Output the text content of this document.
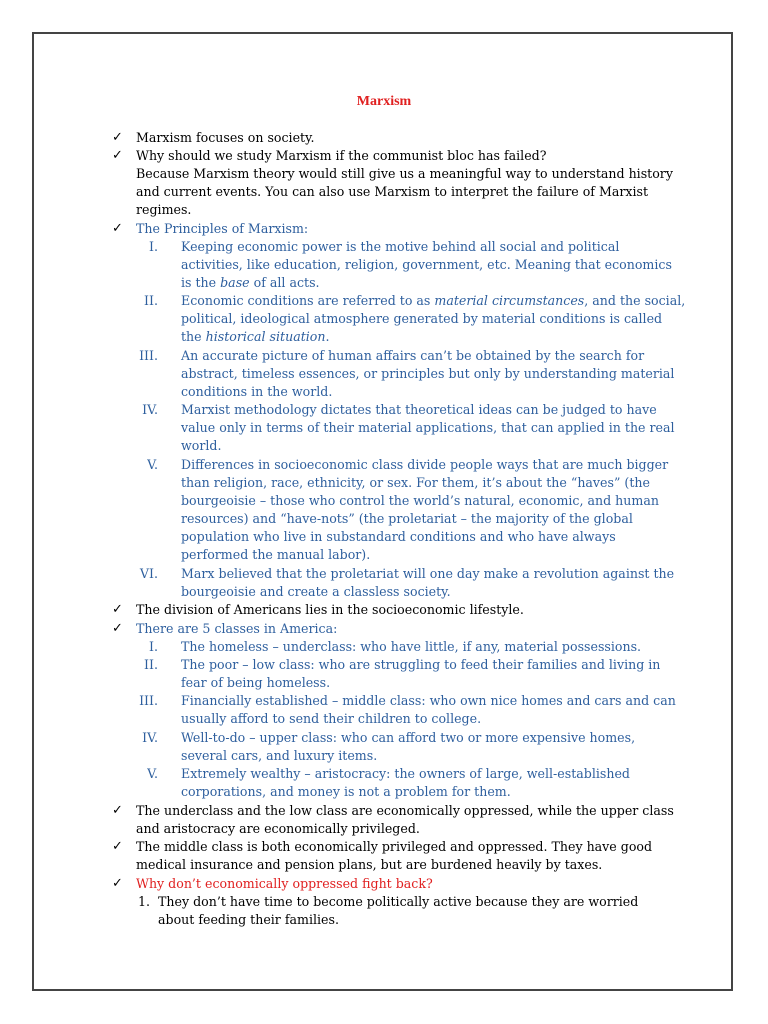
Marxism
✓ Marxism focuses on society.
✓ Why should we study Marxism if the communist bloc has failed?
Because Marxism theory would still give us a meaningful way to understand history
and current events. You can also use Marxism to interpret the failure of Marxist
regimes.
✓ The Principles of Marxism:
I. Keeping economic power is the motive behind all social and political
activities, like education, religion, government, etc. Meaning that economics
is the base of all acts.
II. Economic conditions are referred to as material circumstances, and the social,
political, ideological atmosphere generated by material conditions is called
the historical situation.
III. An accurate picture of human affairs can’t be obtained by the search for
abstract, timeless essences, or principles but only by understanding material
conditions in the world.
IV. Marxist methodology dictates that theoretical ideas can be judged to have
value only in terms of their material applications, that can applied in the real
world.
V. Differences in socioeconomic class divide people ways that are much bigger
than religion, race, ethnicity, or sex. For them, it’s about the “haves” (the
bourgeoisie – those who control the world’s natural, economic, and human
resources) and “have-nots” (the proletariat – the majority of the global
population who live in substandard conditions and who have always
performed the manual labor).
VI. Marx believed that the proletariat will one day make a revolution against the
bourgeoisie and create a classless society.
✓ The division of Americans lies in the socioeconomic lifestyle.
✓ There are 5 classes in America:
I. The homeless – underclass: who have little, if any, material possessions.
II. The poor – low class: who are struggling to feed their families and living in
fear of being homeless.
III. Financially established – middle class: who own nice homes and cars and can
usually afford to send their children to college.
IV. Well-to-do – upper class: who can afford two or more expensive homes,
several cars, and luxury items.
V. Extremely wealthy – aristocracy: the owners of large, well-established
corporations, and money is not a problem for them.
✓ The underclass and the low class are economically oppressed, while the upper class
and aristocracy are economically privileged.
✓ The middle class is both economically privileged and oppressed. They have good
medical insurance and pension plans, but are burdened heavily by taxes.
✓ Why don’t economically oppressed fight back?
1. They don’t have time to become politically active because they are worried
about feeding their families.
